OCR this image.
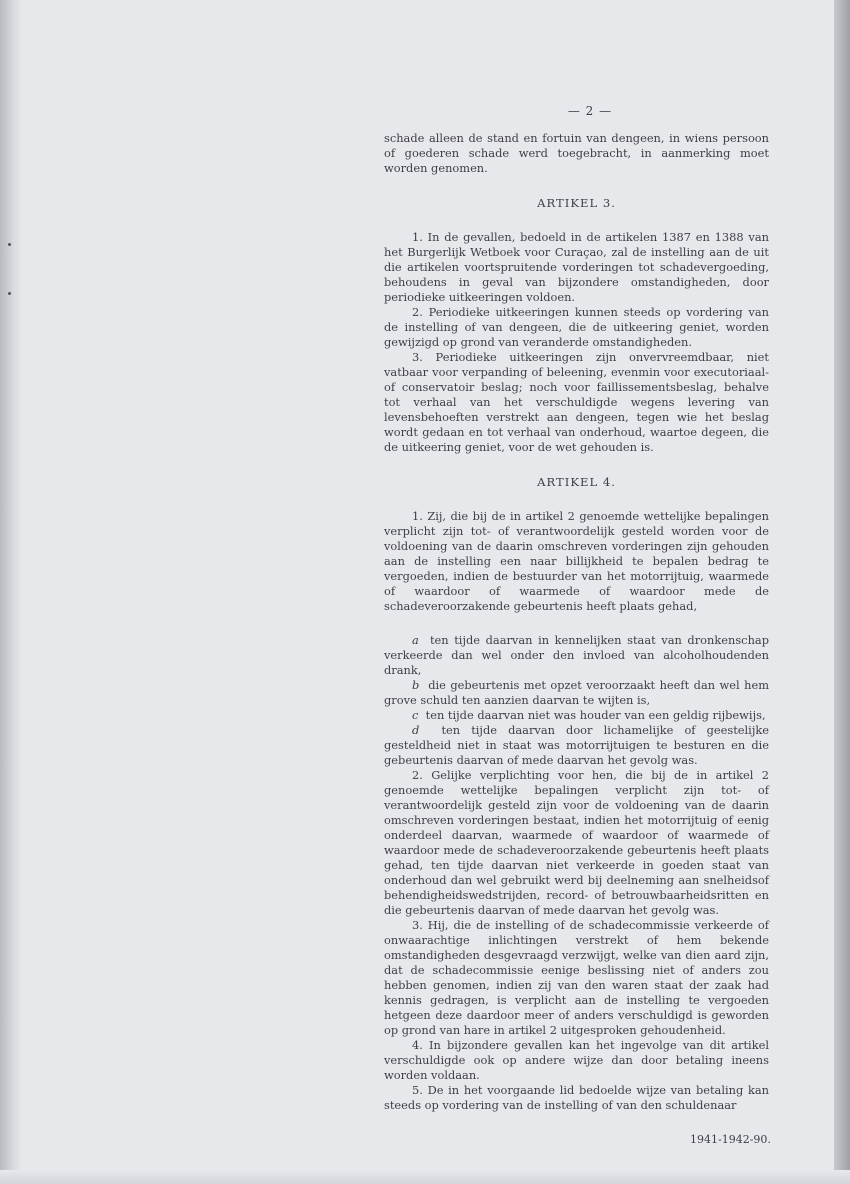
— 2 —

schade alleen de stand en fortuin van dengeen, in wiens persoon of goederen schade werd toegebracht, in aanmerking moet worden genomen.

ARTIKEL 3.

1. In de gevallen, bedoeld in de artikelen 1387 en 1388 van het Burgerlijk Wetboek voor Curaçao, zal de instelling aan de uit die artikelen voortspruitende vorderingen tot schadevergoeding, behoudens in geval van bijzondere omstandigheden, door periodieke uitkeeringen voldoen.

2. Periodieke uitkeeringen kunnen steeds op vordering van de instelling of van dengeen, die de uitkeering geniet, worden gewijzigd op grond van veranderde omstandigheden.

3. Periodieke uitkeeringen zijn onvervreemdbaar, niet vatbaar voor verpanding of beleening, evenmin voor executoriaal- of conservatoir beslag; noch voor faillissementsbeslag, behalve tot verhaal van het verschuldigde wegens levering van levensbehoeften verstrekt aan dengeen, tegen wie het beslag wordt gedaan en tot verhaal van onderhoud, waartoe degeen, die de uitkeering geniet, voor de wet gehouden is.

ARTIKEL 4.

1. Zij, die bij de in artikel 2 genoemde wettelijke bepalingen verplicht zijn tot- of verantwoordelijk gesteld worden voor de voldoening van de daarin omschreven vorderingen zijn gehouden aan de instelling een naar billijkheid te bepalen bedrag te vergoeden, indien de bestuurder van het motorrijtuig, waarmede of waardoor of waarmede of waardoor mede de schadeveroorzakende gebeurtenis heeft plaats gehad,

a ten tijde daarvan in kennelijken staat van dronkenschap verkeerde dan wel onder den invloed van alcoholhoudenden drank,

b die gebeurtenis met opzet veroorzaakt heeft dan wel hem grove schuld ten aanzien daarvan te wijten is,

c ten tijde daarvan niet was houder van een geldig rijbewijs,

d ten tijde daarvan door lichamelijke of geestelijke gesteldheid niet in staat was motorrijtuigen te besturen en die gebeurtenis daarvan of mede daarvan het gevolg was.

2. Gelijke verplichting voor hen, die bij de in artikel 2 genoemde wettelijke bepalingen verplicht zijn tot- of verantwoordelijk gesteld zijn voor de voldoening van de daarin omschreven vorderingen bestaat, indien het motorrijtuig of eenig onderdeel daarvan, waarmede of waardoor of waarmede of waardoor mede de schadeveroorzakende gebeurtenis heeft plaats gehad, ten tijde daarvan niet verkeerde in goeden staat van onderhoud dan wel gebruikt werd bij deelneming aan snelheidsof behendigheidswedstrijden, record- of betrouwbaarheidsritten en die gebeurtenis daarvan of mede daarvan het gevolg was.

3. Hij, die de instelling of de schadecommissie verkeerde of onwaarachtige inlichtingen verstrekt of hem bekende omstandigheden desgevraagd verzwijgt, welke van dien aard zijn, dat de schadecommissie eenige beslissing niet of anders zou hebben genomen, indien zij van den waren staat der zaak had kennis gedragen, is verplicht aan de instelling te vergoeden hetgeen deze daardoor meer of anders verschuldigd is geworden op grond van hare in artikel 2 uitgesproken gehoudenheid.

4. In bijzondere gevallen kan het ingevolge van dit artikel verschuldigde ook op andere wijze dan door betaling ineens worden voldaan.

5. De in het voorgaande lid bedoelde wijze van betaling kan steeds op vordering van de instelling of van den schuldenaar

1941-1942-90.
